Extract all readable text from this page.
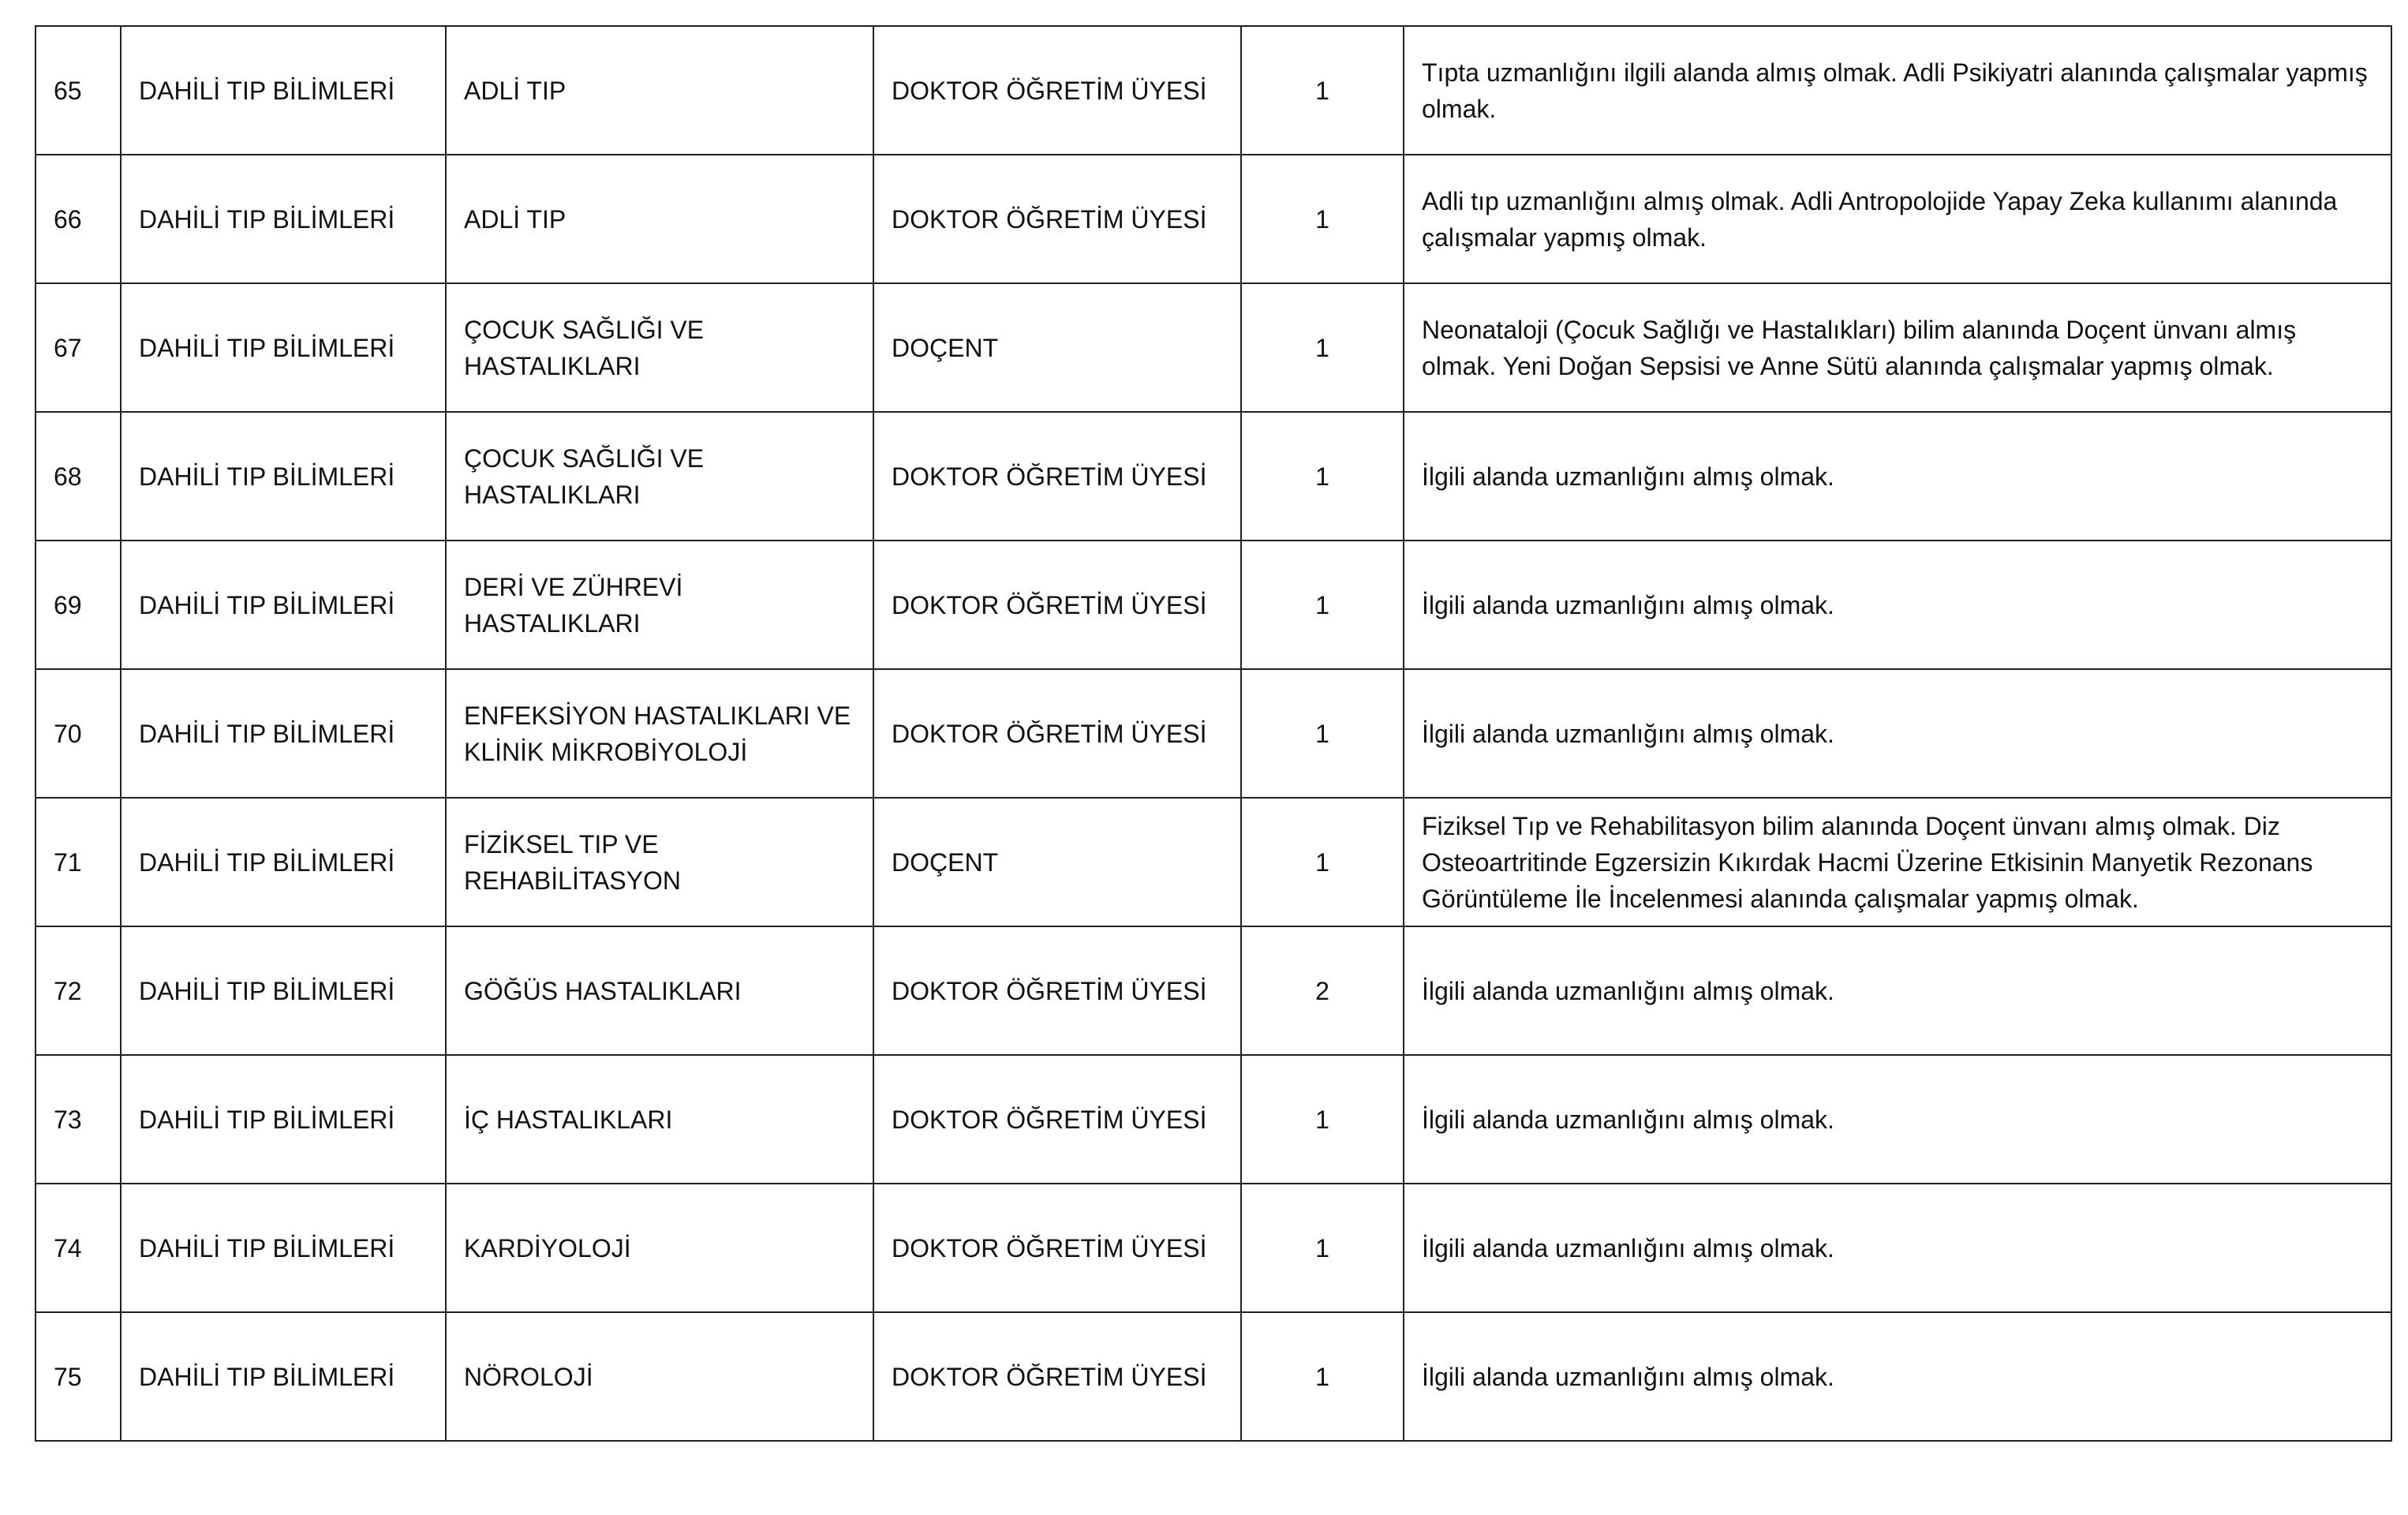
65	DAHİLİ TIP BİLİMLERİ	ADLİ TIP	DOKTOR ÖĞRETİM ÜYESİ	1	Tıpta uzmanlığını ilgili alanda almış olmak. Adli Psikiyatri alanında çalışmalar yapmış olmak.
66	DAHİLİ TIP BİLİMLERİ	ADLİ TIP	DOKTOR ÖĞRETİM ÜYESİ	1	Adli tıp uzmanlığını almış olmak. Adli Antropolojide Yapay Zeka kullanımı alanında çalışmalar yapmış olmak.
67	DAHİLİ TIP BİLİMLERİ	ÇOCUK SAĞLIĞI VE HASTALIKLARI	DOÇENT	1	Neonataloji (Çocuk Sağlığı ve Hastalıkları) bilim alanında Doçent ünvanı almış olmak. Yeni Doğan Sepsisi ve Anne Sütü alanında çalışmalar yapmış olmak.
68	DAHİLİ TIP BİLİMLERİ	ÇOCUK SAĞLIĞI VE HASTALIKLARI	DOKTOR ÖĞRETİM ÜYESİ	1	İlgili alanda uzmanlığını almış olmak.
69	DAHİLİ TIP BİLİMLERİ	DERİ VE ZÜHREVİ HASTALIKLARI	DOKTOR ÖĞRETİM ÜYESİ	1	İlgili alanda uzmanlığını almış olmak.
70	DAHİLİ TIP BİLİMLERİ	ENFEKSİYON HASTALIKLARI VE KLİNİK MİKROBİYOLOJİ	DOKTOR ÖĞRETİM ÜYESİ	1	İlgili alanda uzmanlığını almış olmak.
71	DAHİLİ TIP BİLİMLERİ	FİZİKSEL TIP VE REHABİLİTASYON	DOÇENT	1	Fiziksel Tıp ve Rehabilitasyon bilim alanında Doçent ünvanı almış olmak. Diz Osteoartritinde Egzersizin Kıkırdak Hacmi Üzerine Etkisinin Manyetik Rezonans Görüntüleme İle İncelenmesi alanında çalışmalar yapmış olmak.
72	DAHİLİ TIP BİLİMLERİ	GÖĞÜS HASTALIKLARI	DOKTOR ÖĞRETİM ÜYESİ	2	İlgili alanda uzmanlığını almış olmak.
73	DAHİLİ TIP BİLİMLERİ	İÇ HASTALIKLARI	DOKTOR ÖĞRETİM ÜYESİ	1	İlgili alanda uzmanlığını almış olmak.
74	DAHİLİ TIP BİLİMLERİ	KARDİYOLOJİ	DOKTOR ÖĞRETİM ÜYESİ	1	İlgili alanda uzmanlığını almış olmak.
75	DAHİLİ TIP BİLİMLERİ	NÖROLOJİ	DOKTOR ÖĞRETİM ÜYESİ	1	İlgili alanda uzmanlığını almış olmak.
